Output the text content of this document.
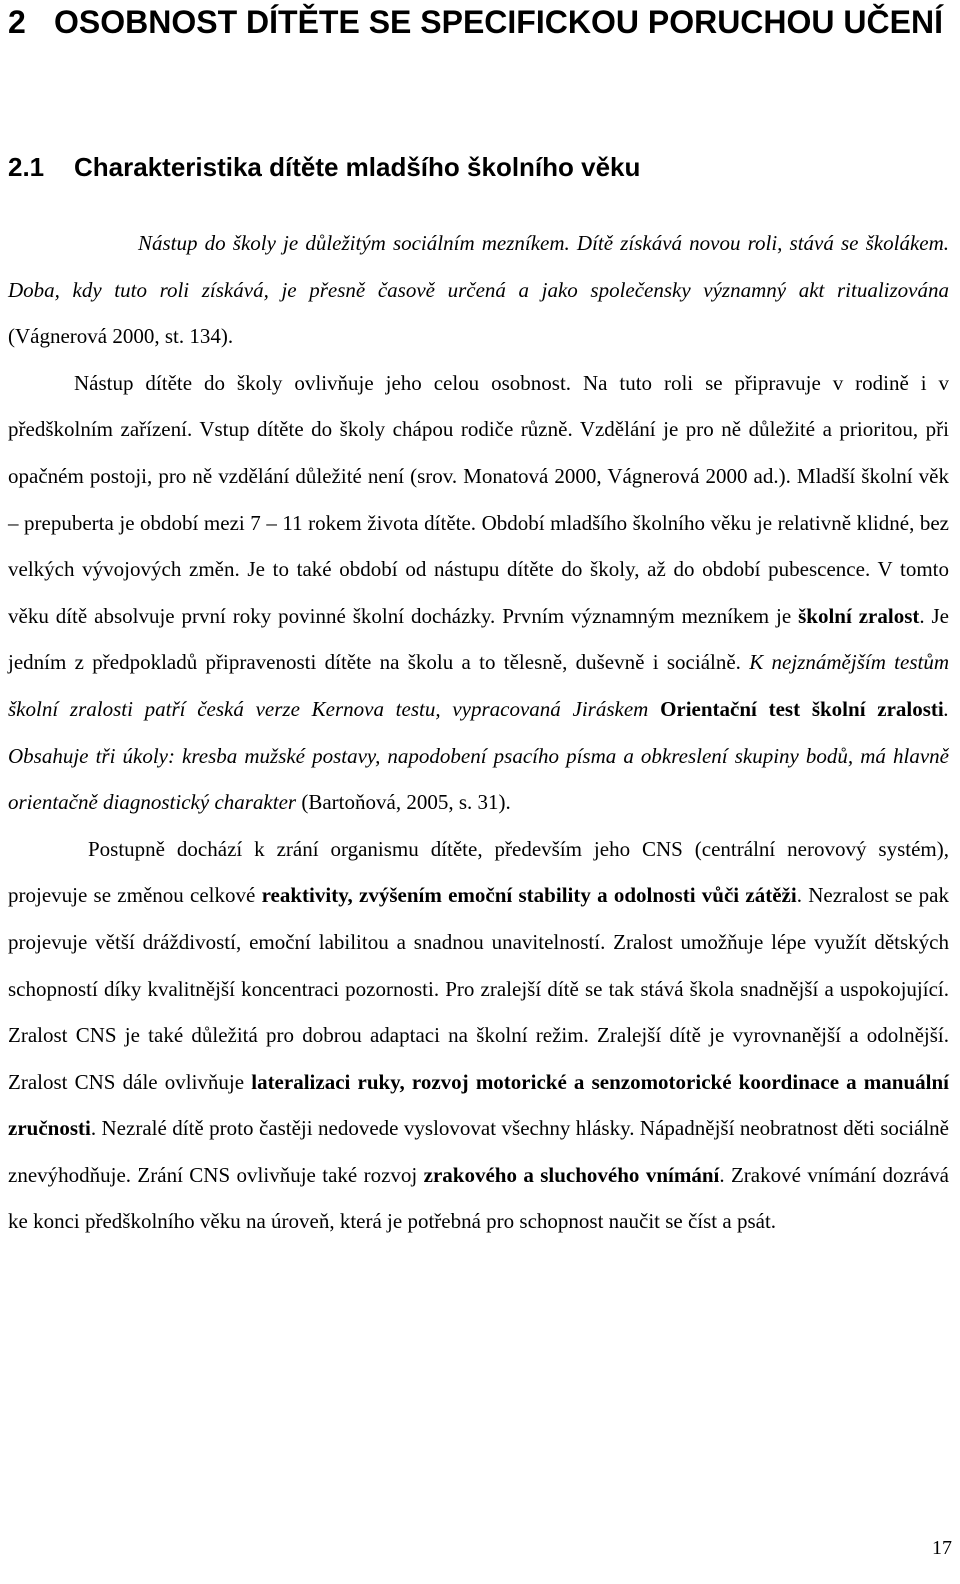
2 OSOBNOST DÍTĚTE SE SPECIFICKOU PORUCHOU UČENÍ
2.1 Charakteristika dítěte mladšího školního věku

Nástup do školy je důležitým sociálním mezníkem. Dítě získává novou roli, stává se školákem. Doba, kdy tuto roli získává, je přesně časově určená a jako společensky významný akt ritualizována (Vágnerová 2000, st. 134).

Nástup dítěte do školy ovlivňuje jeho celou osobnost. Na tuto roli se připravuje v rodině i v předškolním zařízení. Vstup dítěte do školy chápou rodiče různě. Vzdělání je pro ně důležité a prioritou, při opačném postoji, pro ně vzdělání důležité není (srov. Monatová 2000, Vágnerová 2000 ad.). Mladší školní věk – prepuberta je období mezi 7 – 11 rokem života dítěte. Období mladšího školního věku je relativně klidné, bez velkých vývojových změn. Je to také období od nástupu dítěte do školy, až do období pubescence. V tomto věku dítě absolvuje první roky povinné školní docházky. Prvním významným mezníkem je školní zralost. Je jedním z předpokladů připravenosti dítěte na školu a to tělesně, duševně i sociálně. K nejznámějším testům školní zralosti patří česká verze Kernova testu, vypracovaná Jiráskem Orientační test školní zralosti. Obsahuje tři úkoly: kresba mužské postavy, napodobení psacího písma a obkreslení skupiny bodů, má hlavně orientačně diagnostický charakter (Bartoňová, 2005, s. 31).

Postupně dochází k zrání organismu dítěte, především jeho CNS (centrální nerovový systém), projevuje se změnou celkové reaktivity, zvýšením emoční stability a odolnosti vůči zátěži. Nezralost se pak projevuje větší dráždivostí, emoční labilitou a snadnou unavitelností. Zralost umožňuje lépe využít dětských schopností díky kvalitnější koncentraci pozornosti. Pro zralejší dítě se tak stává škola snadnější a uspokojující. Zralost CNS je také důležitá pro dobrou adaptaci na školní režim. Zralejší dítě je vyrovnanější a odolnější. Zralost CNS dále ovlivňuje lateralizaci ruky, rozvoj motorické a senzomotorické koordinace a manuální zručnosti. Nezralé dítě proto častěji nedovede vyslovovat všechny hlásky. Nápadnější neobratnost děti sociálně znevýhodňuje. Zrání CNS ovlivňuje také rozvoj zrakového a sluchového vnímání. Zrakové vnímání dozrává ke konci předškolního věku na úroveň, která je potřebná pro schopnost naučit se číst a psát.

17
